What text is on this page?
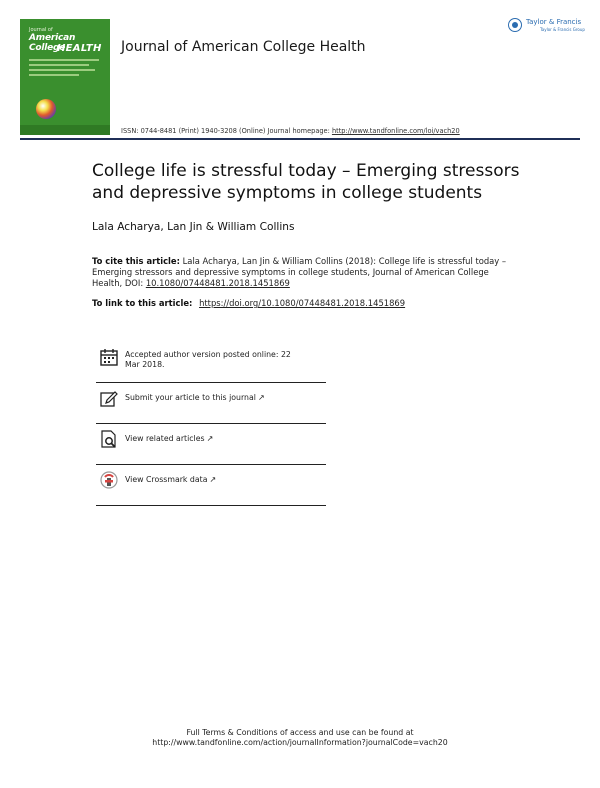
Journal of
American College
HEALTH Journal of American College Health
Taylor & Francis
Taylor & Francis Group
ISSN: 0744-8481 (Print) 1940-3208 (Online) Journal homepage: http://www.tandfonline.com/loi/vach20
College life is stressful today – Emerging stressors and depressive symptoms in college students
Lala Acharya, Lan Jin & William Collins
To cite this article: Lala Acharya, Lan Jin & William Collins (2018): College life is stressful today – Emerging stressors and depressive symptoms in college students, Journal of American College Health, DOI: 10.1080/07448481.2018.1451869
To link to this article: https://doi.org/10.1080/07448481.2018.1451869
Accepted author version posted online: 22 Mar 2018.
Submit your article to this journal ↗
View related articles ↗
View Crossmark data ↗
Full Terms & Conditions of access and use can be found at
http://www.tandfonline.com/action/journalInformation?journalCode=vach20
